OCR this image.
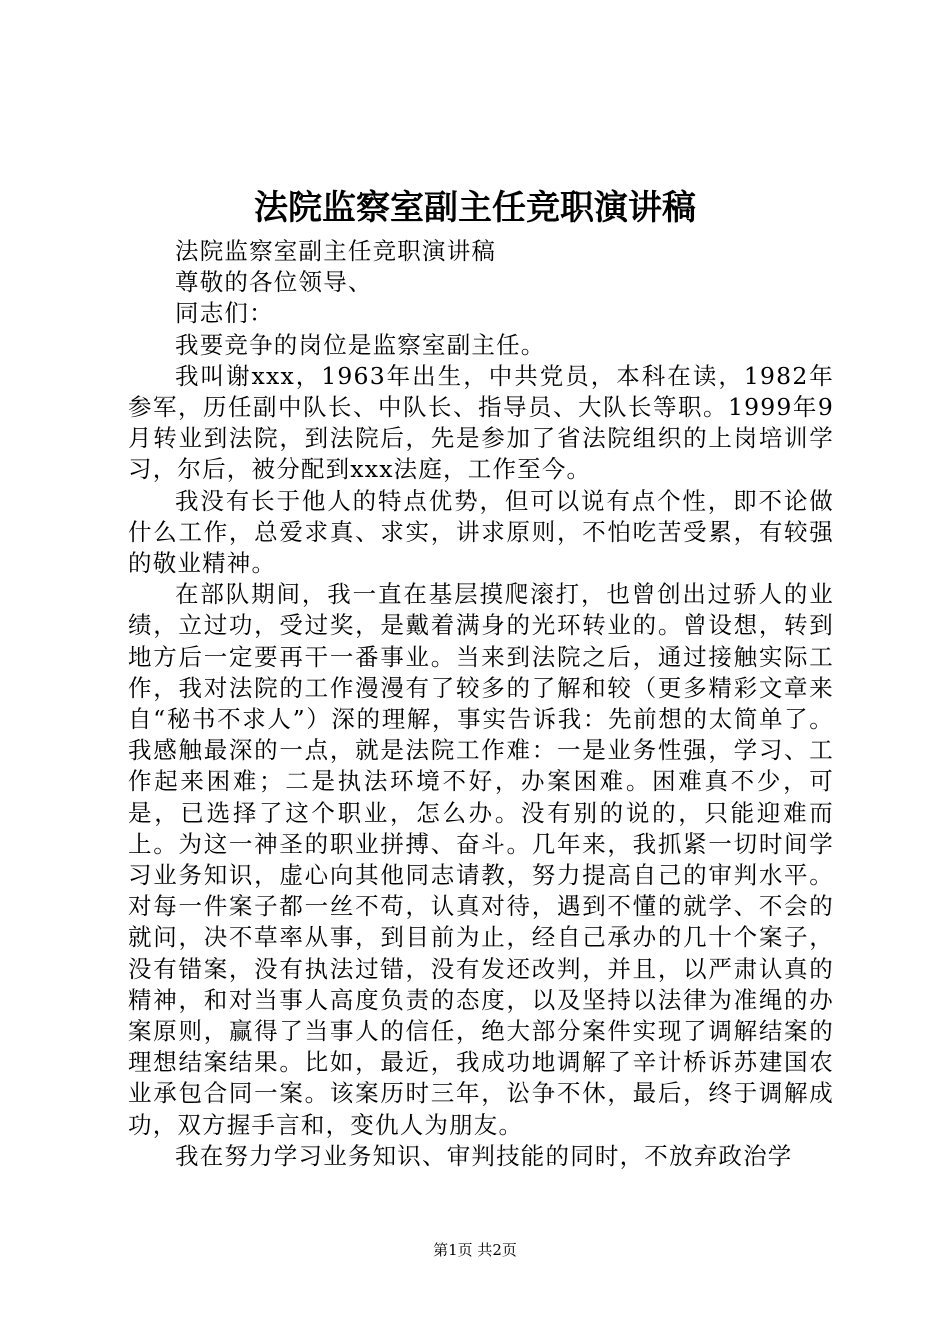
法院监察室副主任竞职演讲稿

法院监察室副主任竞职演讲稿

尊敬的各位领导、

同志们：

我要竞争的岗位是监察室副主任。

我叫谢xxx，1963年出生，中共党员，本科在读，1982年参军，历任副中队长、中队长、指导员、大队长等职。1999年9月转业到法院，到法院后，先是参加了省法院组织的上岗培训学习，尔后，被分配到xxx法庭，工作至今。

我没有长于他人的特点优势，但可以说有点个性，即不论做什么工作，总爱求真、求实，讲求原则，不怕吃苦受累，有较强的敬业精神。

在部队期间，我一直在基层摸爬滚打，也曾创出过骄人的业绩，立过功，受过奖，是戴着满身的光环转业的。曾设想，转到地方后一定要再干一番事业。当来到法院之后，通过接触实际工作，我对法院的工作漫漫有了较多的了解和较（更多精彩文章来自“秘书不求人”）深的理解，事实告诉我：先前想的太简单了。我感触最深的一点，就是法院工作难：一是业务性强，学习、工作起来困难；二是执法环境不好，办案困难。困难真不少，可是，已选择了这个职业，怎么办。没有别的说的，只能迎难而上。为这一神圣的职业拼搏、奋斗。几年来，我抓紧一切时间学习业务知识，虚心向其他同志请教，努力提高自己的审判水平。对每一件案子都一丝不苟，认真对待，遇到不懂的就学、不会的就问，决不草率从事，到目前为止，经自己承办的几十个案子，没有错案，没有执法过错，没有发还改判，并且，以严肃认真的精神，和对当事人高度负责的态度，以及坚持以法律为准绳的办案原则，赢得了当事人的信任，绝大部分案件实现了调解结案的理想结案结果。比如，最近，我成功地调解了辛计桥诉苏建国农业承包合同一案。该案历时三年，讼争不休，最后，终于调解成功，双方握手言和，变仇人为朋友。

我在努力学习业务知识、审判技能的同时，不放弃政治学

第1页 共2页
